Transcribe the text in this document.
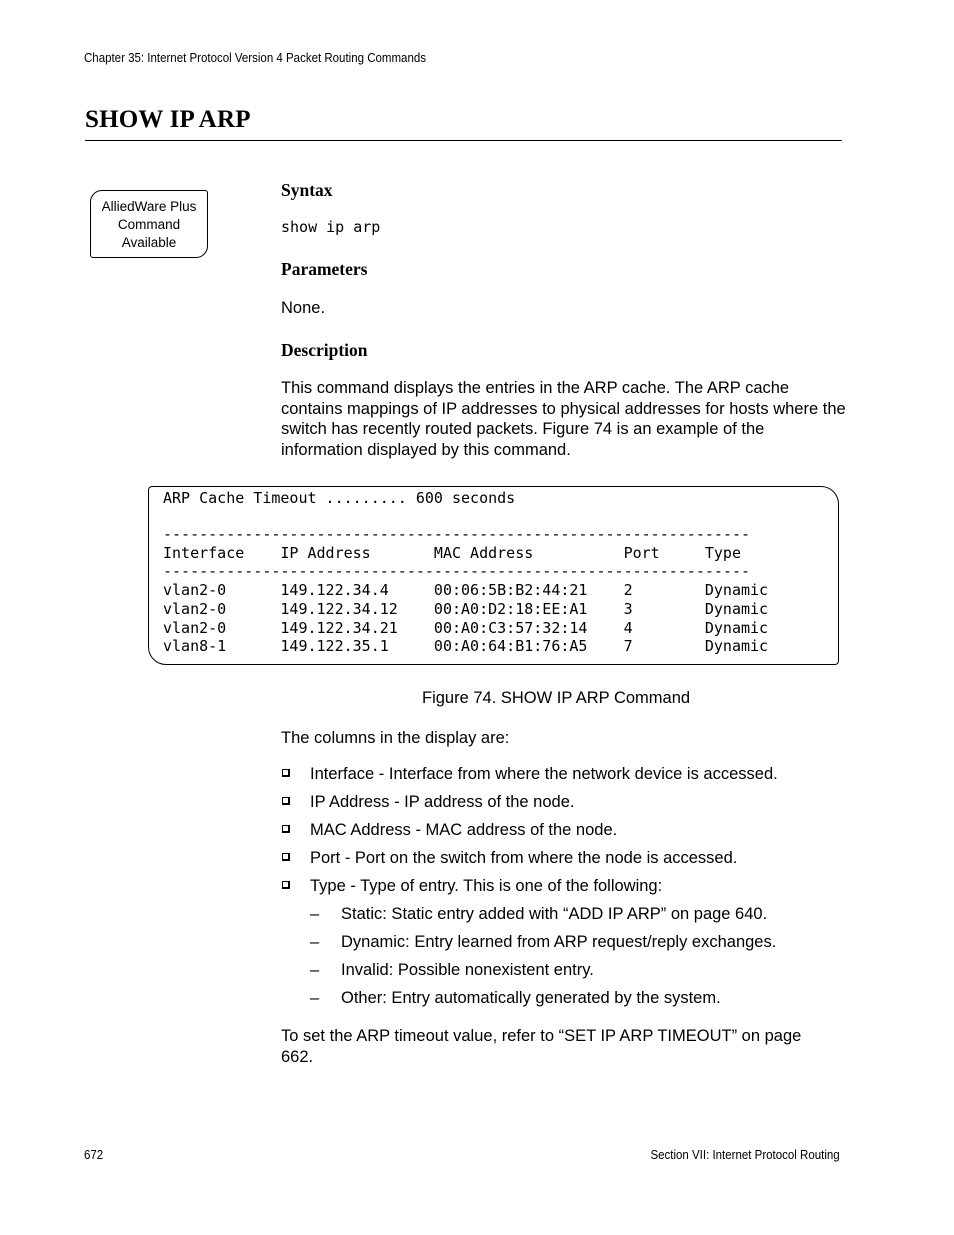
Chapter 35: Internet Protocol Version 4 Packet Routing Commands
SHOW IP ARP
AlliedWare Plus
Command
Available
Syntax
show ip arp
Parameters
None.
Description
This command displays the entries in the ARP cache. The ARP cache contains mappings of IP addresses to physical addresses for hosts where the switch has recently routed packets. Figure 74 is an example of the information displayed by this command.
ARP Cache Timeout ......... 600 seconds
-----------------------------------------------------------------
Interface    IP Address       MAC Address          Port     Type
-----------------------------------------------------------------
vlan2-0      149.122.34.4     00:06:5B:B2:44:21    2        Dynamic
vlan2-0      149.122.34.12    00:A0:D2:18:EE:A1    3        Dynamic
vlan2-0      149.122.34.21    00:A0:C3:57:32:14    4        Dynamic
vlan8-1      149.122.35.1     00:A0:64:B1:76:A5    7        Dynamic
Figure 74. SHOW IP ARP Command
The columns in the display are:
Interface - Interface from where the network device is accessed.
IP Address - IP address of the node.
MAC Address - MAC address of the node.
Port - Port on the switch from where the node is accessed.
Type - Type of entry. This is one of the following:
– Static: Static entry added with “ADD IP ARP” on page 640.
– Dynamic: Entry learned from ARP request/reply exchanges.
– Invalid: Possible nonexistent entry.
– Other: Entry automatically generated by the system.
To set the ARP timeout value, refer to “SET IP ARP TIMEOUT” on page 662.
672	Section VII: Internet Protocol Routing
